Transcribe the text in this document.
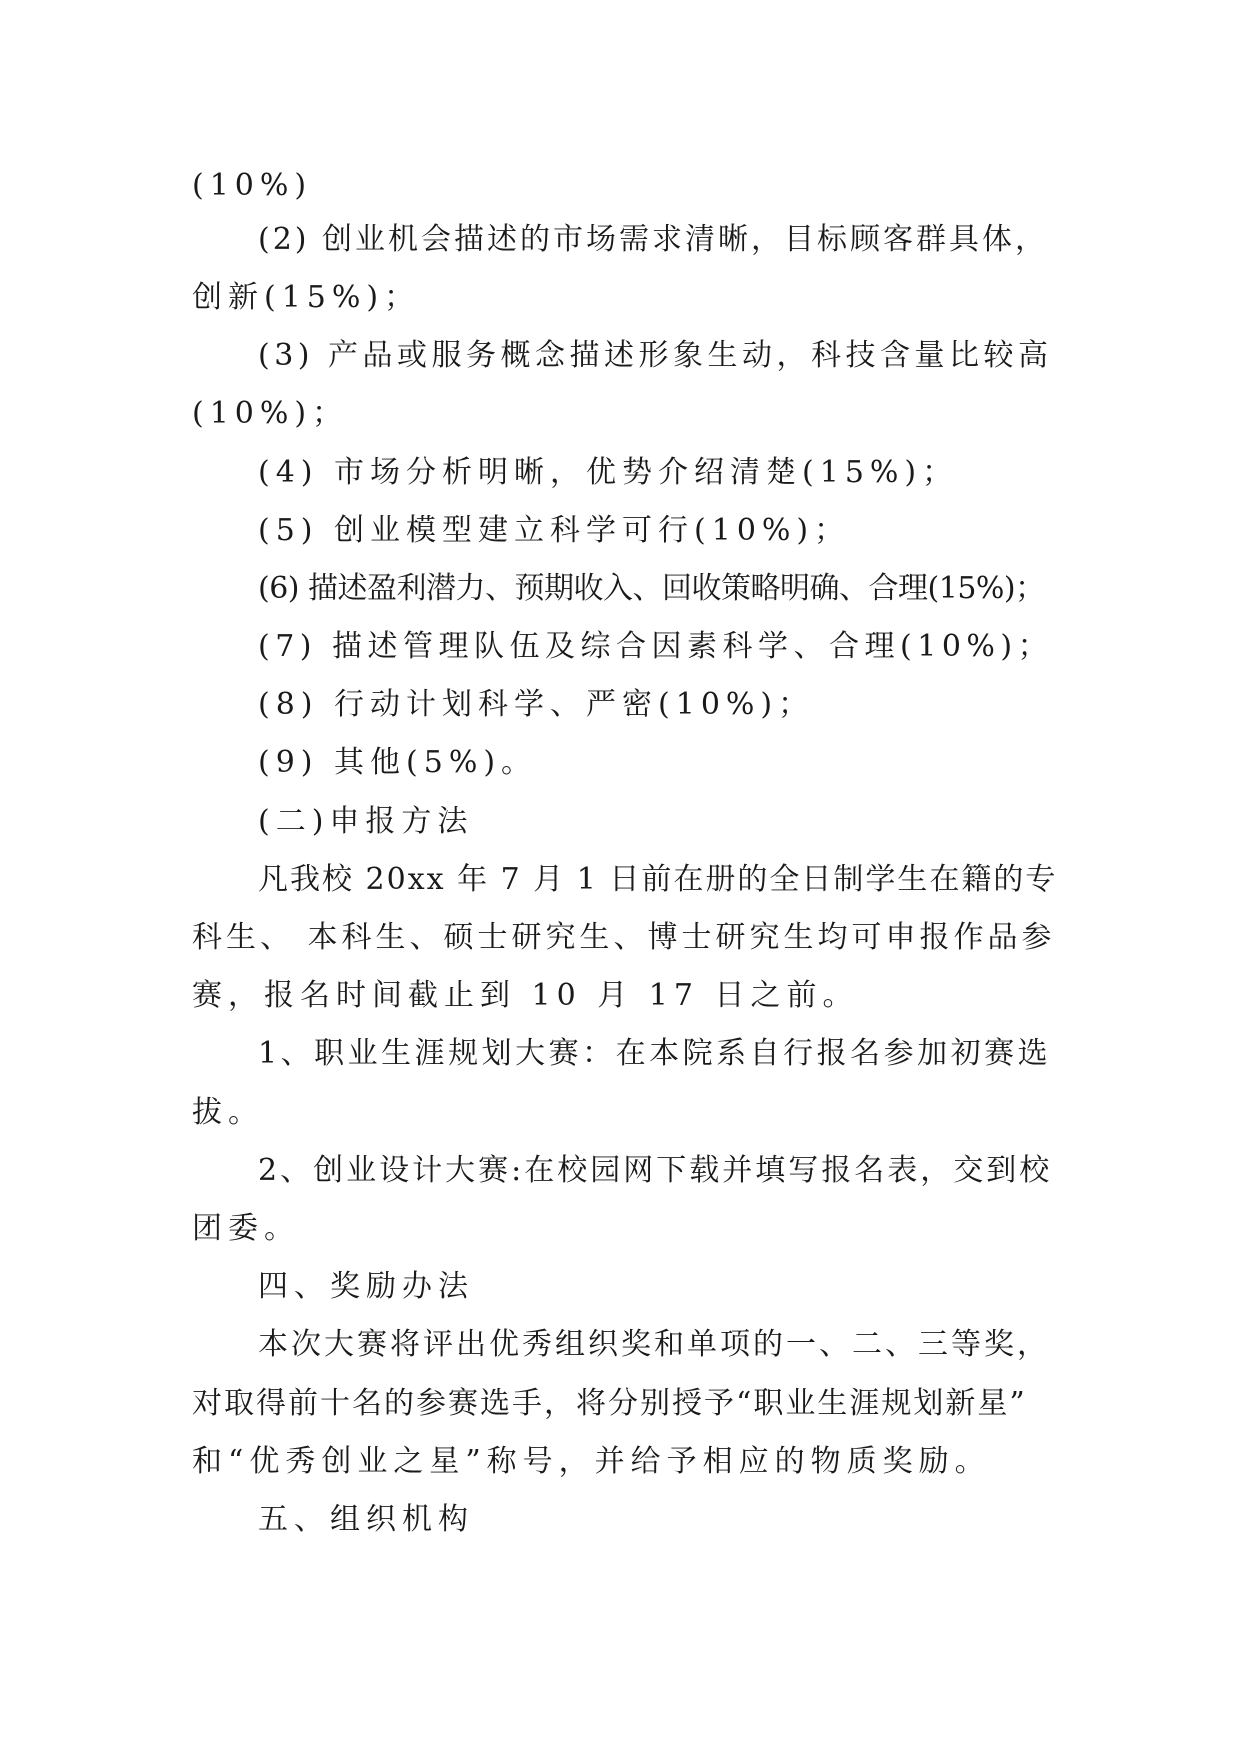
(10%)
(2) 创业机会描述的市场需求清晰，目标顾客群具体，
创新(15%)；
(3) 产品或服务概念描述形象生动，科技含量比较高
(10%)；
(4) 市场分析明晰，优势介绍清楚(15%)；
(5) 创业模型建立科学可行(10%)；
(6) 描述盈利潜力、预期收入、回收策略明确、合理(15%)；
(7) 描述管理队伍及综合因素科学、合理(10%)；
(8) 行动计划科学、严密(10%)；
(9) 其他(5%)。
(二)申报方法
凡我校 20xx 年 7 月 1 日前在册的全日制学生在籍的专
科生、 本科生、硕士研究生、博士研究生均可申报作品参
赛，报名时间截止到 10 月 17 日之前。
1、职业生涯规划大赛：在本院系自行报名参加初赛选
拔。
2、创业设计大赛:在校园网下载并填写报名表，交到校
团委。
四、奖励办法
本次大赛将评出优秀组织奖和单项的一、二、三等奖，
对取得前十名的参赛选手，将分别授予“职业生涯规划新星”
和“优秀创业之星”称号，并给予相应的物质奖励。
五、组织机构
